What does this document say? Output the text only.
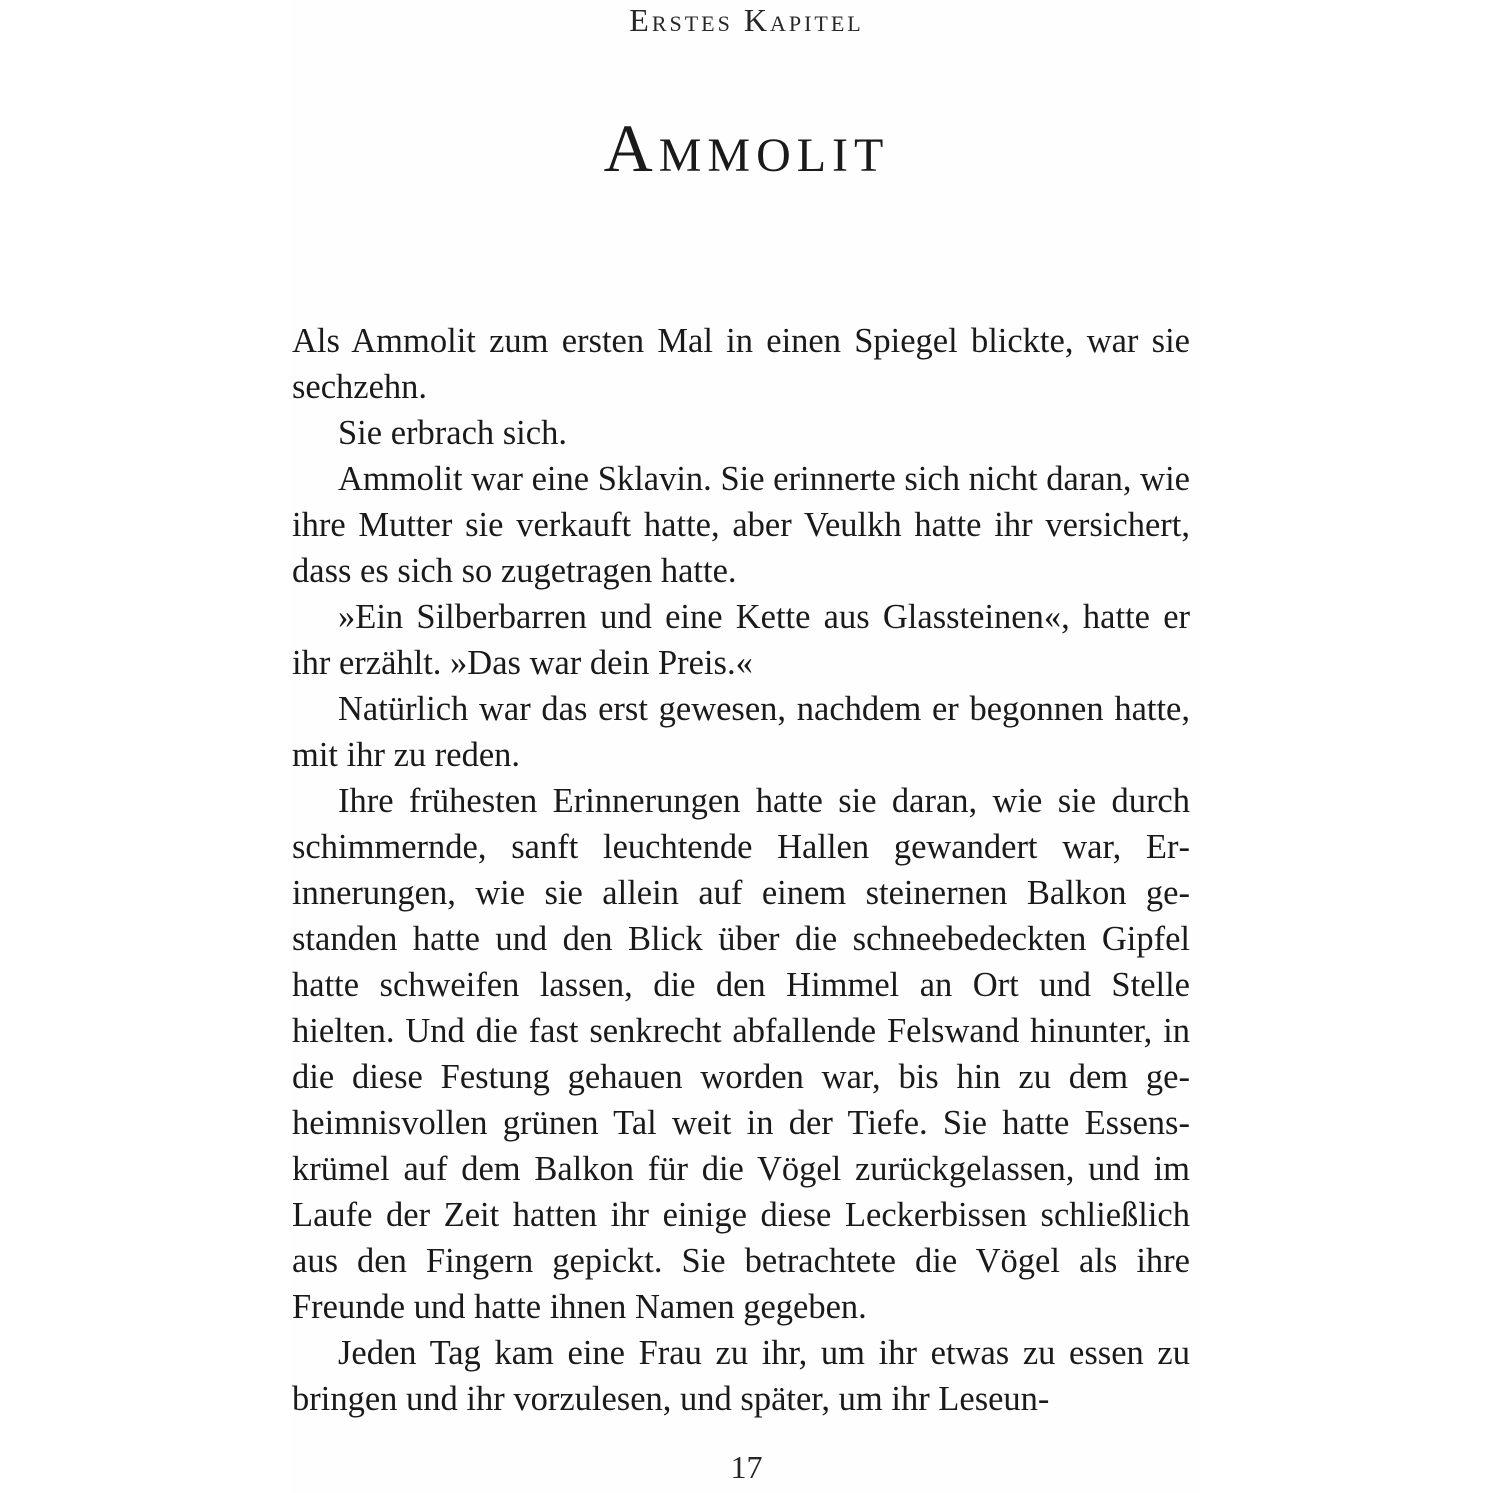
Erstes Kapitel
Ammolit

Als Ammolit zum ersten Mal in einen Spiegel blickte, war sie sechzehn.

Sie erbrach sich.

Ammolit war eine Sklavin. Sie erinnerte sich nicht daran, wie ihre Mutter sie verkauft hatte, aber Veulkh hatte ihr versichert, dass es sich so zugetragen hatte.

»Ein Silberbarren und eine Kette aus Glassteinen«, hatte er ihr erzählt. »Das war dein Preis.«

Natürlich war das erst gewesen, nachdem er begonnen hatte, mit ihr zu reden.

Ihre frühesten Erinnerungen hatte sie daran, wie sie durch schimmernde, sanft leuchtende Hallen gewandert war, Erinnerungen, wie sie allein auf einem steinernen Balkon gestanden hatte und den Blick über die schneebedeckten Gipfel hatte schweifen lassen, die den Himmel an Ort und Stelle hielten. Und die fast senkrecht abfallende Felswand hinunter, in die diese Festung gehauen worden war, bis hin zu dem geheimnisvollen grünen Tal weit in der Tiefe. Sie hatte Essenskrümel auf dem Balkon für die Vögel zurückgelassen, und im Laufe der Zeit hatten ihr einige diese Leckerbissen schließlich aus den Fingern gepickt. Sie betrachtete die Vögel als ihre Freunde und hatte ihnen Namen gegeben.

Jeden Tag kam eine Frau zu ihr, um ihr etwas zu essen zu bringen und ihr vorzulesen, und später, um ihr Leseun-

17
